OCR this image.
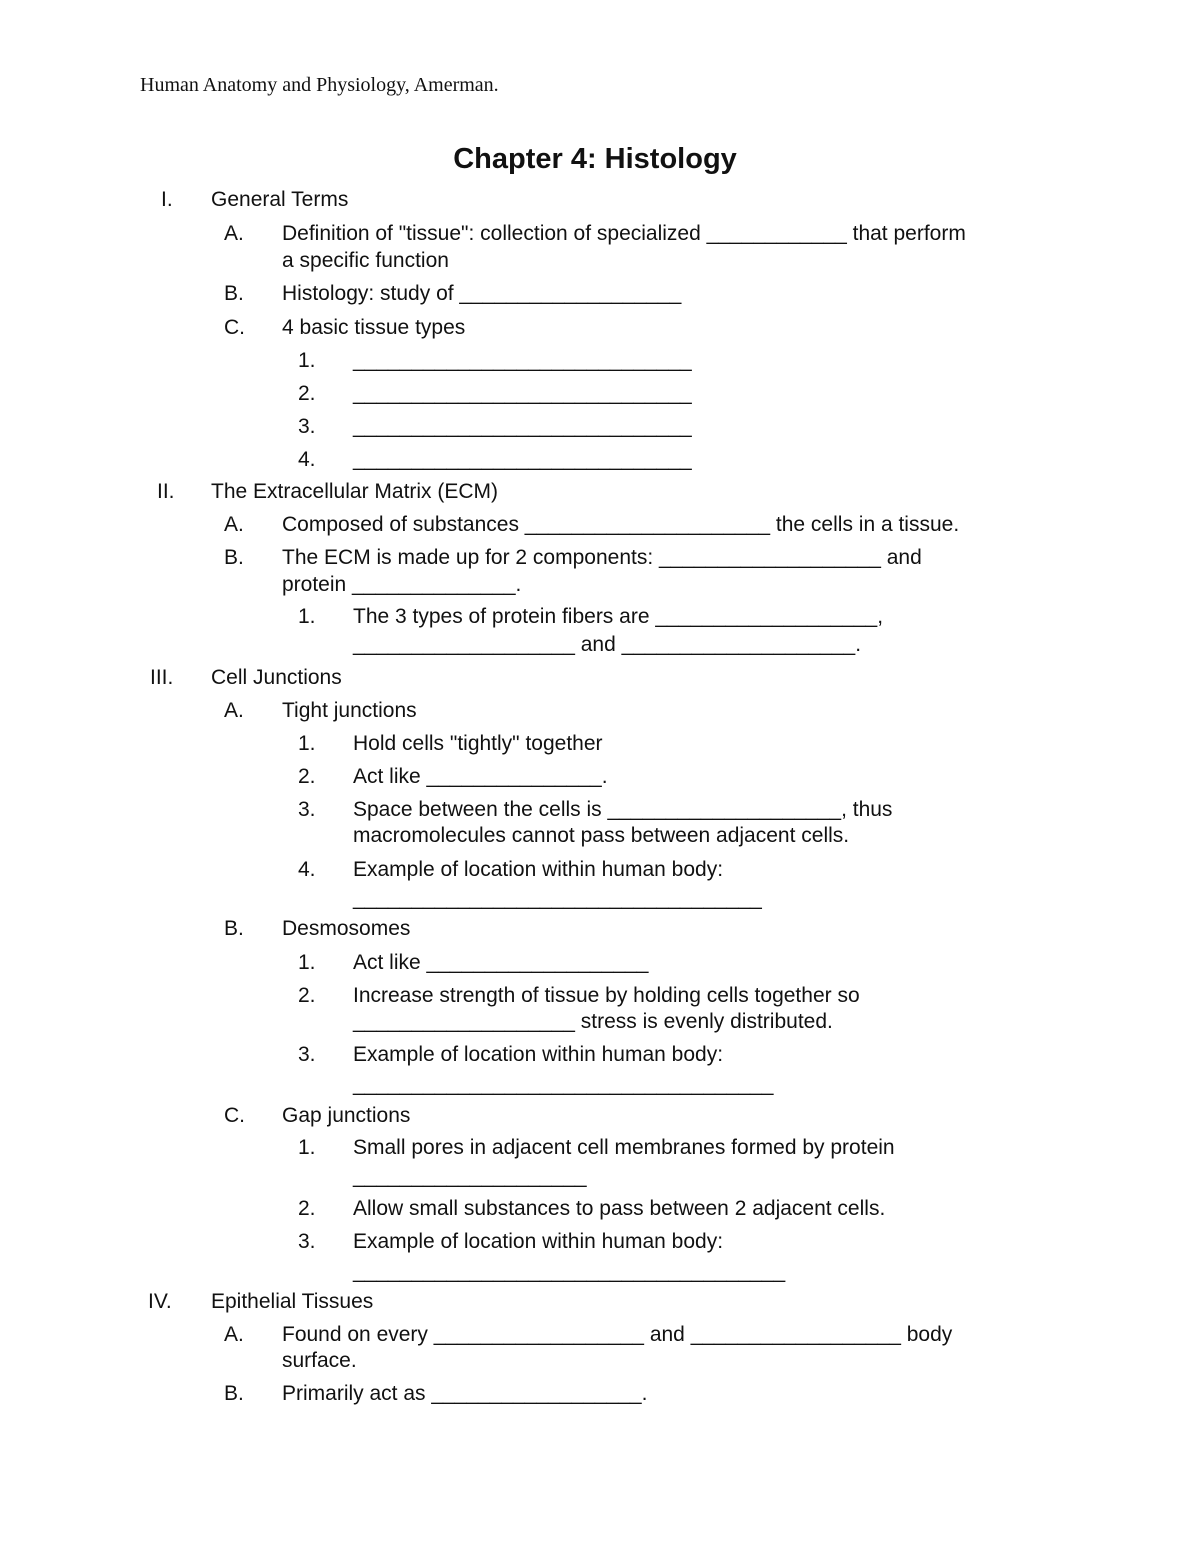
Human Anatomy and Physiology, Amerman.
Chapter 4: Histology
I. General Terms
A. Definition of "tissue": collection of specialized ____________ that perform
a specific function
B. Histology: study of ___________________
C. 4 basic tissue types
1. _____________________________
2. _____________________________
3. _____________________________
4. _____________________________
II. The Extracellular Matrix (ECM)
A. Composed of substances _____________________ the cells in a tissue.
B. The ECM is made up for 2 components: ___________________ and
protein ______________.
1. The 3 types of protein fibers are ___________________,
___________________ and ____________________.
III. Cell Junctions
A. Tight junctions
1. Hold cells "tightly" together
2. Act like _______________.
3. Space between the cells is ____________________, thus
macromolecules cannot pass between adjacent cells.
4. Example of location within human body:
___________________________________
B. Desmosomes
1. Act like ___________________
2. Increase strength of tissue by holding cells together so
___________________ stress is evenly distributed.
3. Example of location within human body:
____________________________________
C. Gap junctions
1. Small pores in adjacent cell membranes formed by protein
____________________
2. Allow small substances to pass between 2 adjacent cells.
3. Example of location within human body:
_____________________________________
IV. Epithelial Tissues
A. Found on every __________________ and __________________ body
surface.
B. Primarily act as __________________.
